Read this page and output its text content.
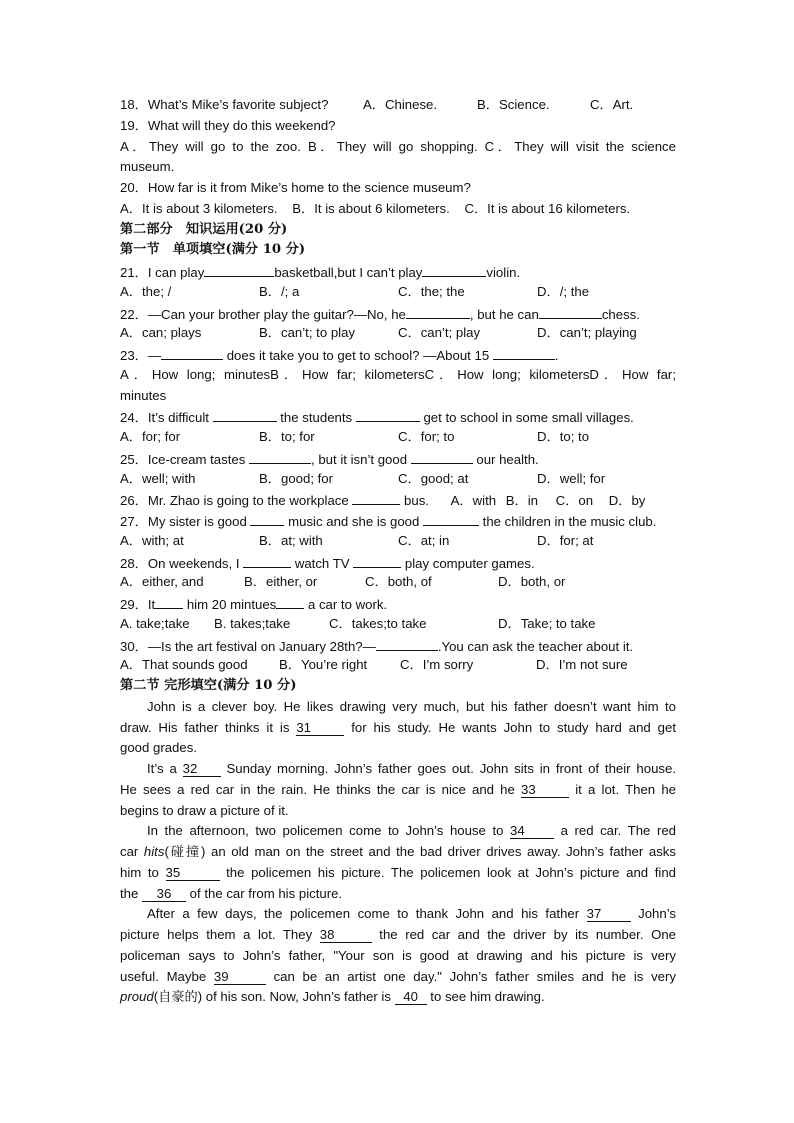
18．What’s Mike’s favorite subject?	A．Chinese.	B．Science.	C．Art.
19．What will they do this weekend?
A．They will go to the zoo. B．They will go shopping. C．They will visit the science
museum.
20．How far is it from Mike’s home to the science museum?
A．It is about 3 kilometers.    B．It is about 6 kilometers.    C．It is about 16 kilometers.
第二部分　知识运用(20 分)
第一节　单项填空(满分 10 分)
21．I can play	basketball,but I can’t play	violin.
A．the; /	B．/; a	C．the; the	D．/; the
22．—Can your brother play the guitar?—No, he	, but he can	chess.
A．can; plays	B．can’t; to play	C．can’t; play	D．can’t; playing
23．—	does it take you to get to school? —About 15	.
A．How long; minutesB．How far; kilometersC．How long; kilometersD．How far;
minutes
24．It’s difficult	the students	get to school in some small villages.
A．for; for	B．to; for	C．for; to	D．to; to
25．Ice-cream tastes	, but it isn’t good	our health.
A．well; with	B．good; for	C．good; at	D．well; for
26．Mr. Zhao is going to the workplace	bus. A．with B．in C．on D．by
27．My sister is good	music and she is good	the children in the music club.
A．with; at	B．at; with	C．at; in	D．for; at
28．On weekends, I	watch TV	play computer games.
A．either, and	B．either, or	C．both, of	D．both, or
29．It him 20 mintues a car to work.
A. take;take	B. takes;take	C．takes;to take	D．Take; to take
30．—Is the art festival on January 28th?—	.You can ask the teacher about it.
A．That sounds good	B．You’re right	C．I’m sorry	D．I’m not sure
第二节 完形填空(满分 10 分)
John is a clever boy. He likes drawing very much, but his father doesn’t want him to
draw. His father thinks it is 31	for his study. He wants John to study hard and get
good grades.
It’s a 32 Sunday morning. John’s father goes out. John sits in front of their house.
He sees a red car in the rain. He thinks the car is nice and he 33	it a lot. Then he
begins to draw a picture of it.
In the afternoon, two policemen come to John’s house to 34 a red car. The red
car hits(碰撞) an old man on the street and the bad driver drives away. John’s father asks
him to 35	the policemen his picture. The policemen look at John’s picture and find
the 36 of the car from his picture.
After a few days, the policemen come to thank John and his father 37 John’s
picture helps them a lot. They 38	the red car and the driver by its number. One
policeman says to John’s father, "Your son is good at drawing and his picture is very
useful. Maybe 39	can be an artist one day." John’s father smiles and he is very
proud(自豪的) of his son. Now, John’s father is 40 to see him drawing.
